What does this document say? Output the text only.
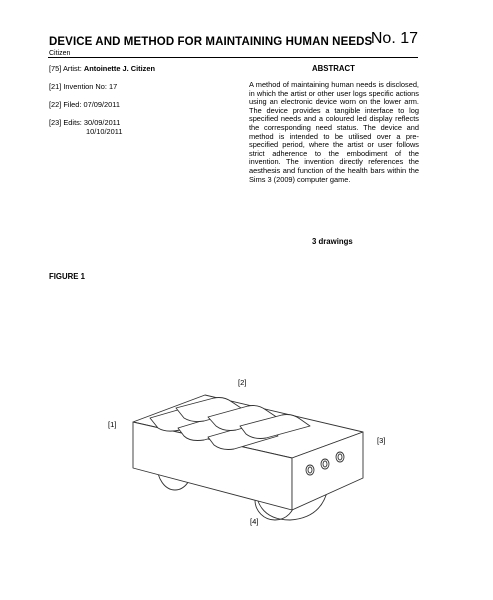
DEVICE AND METHOD FOR MAINTAINING HUMAN NEEDS
No. 17
Citizen
[75] Artist: Antoinette J. Citizen
[21] Invention No: 17
[22] Filed: 07/09/2011
[23] Edits: 30/09/2011
10/10/2011
ABSTRACT
A method of maintaining human needs is disclosed, in which the artist or other user logs specific actions using an electronic device worn on the lower arm. The device provides a tangible interface to log specified needs and a coloured led display reflects the corresponding need status. The device and method is intended to be utilised over a pre-specified period, where the artist or user follows strict adherence to the embodiment of the invention. The invention directly references the aesthesis and function of the health bars within the Sims 3 (2009) computer game.
3 drawings
FIGURE 1
[2]
[1]
[3]
[4]
